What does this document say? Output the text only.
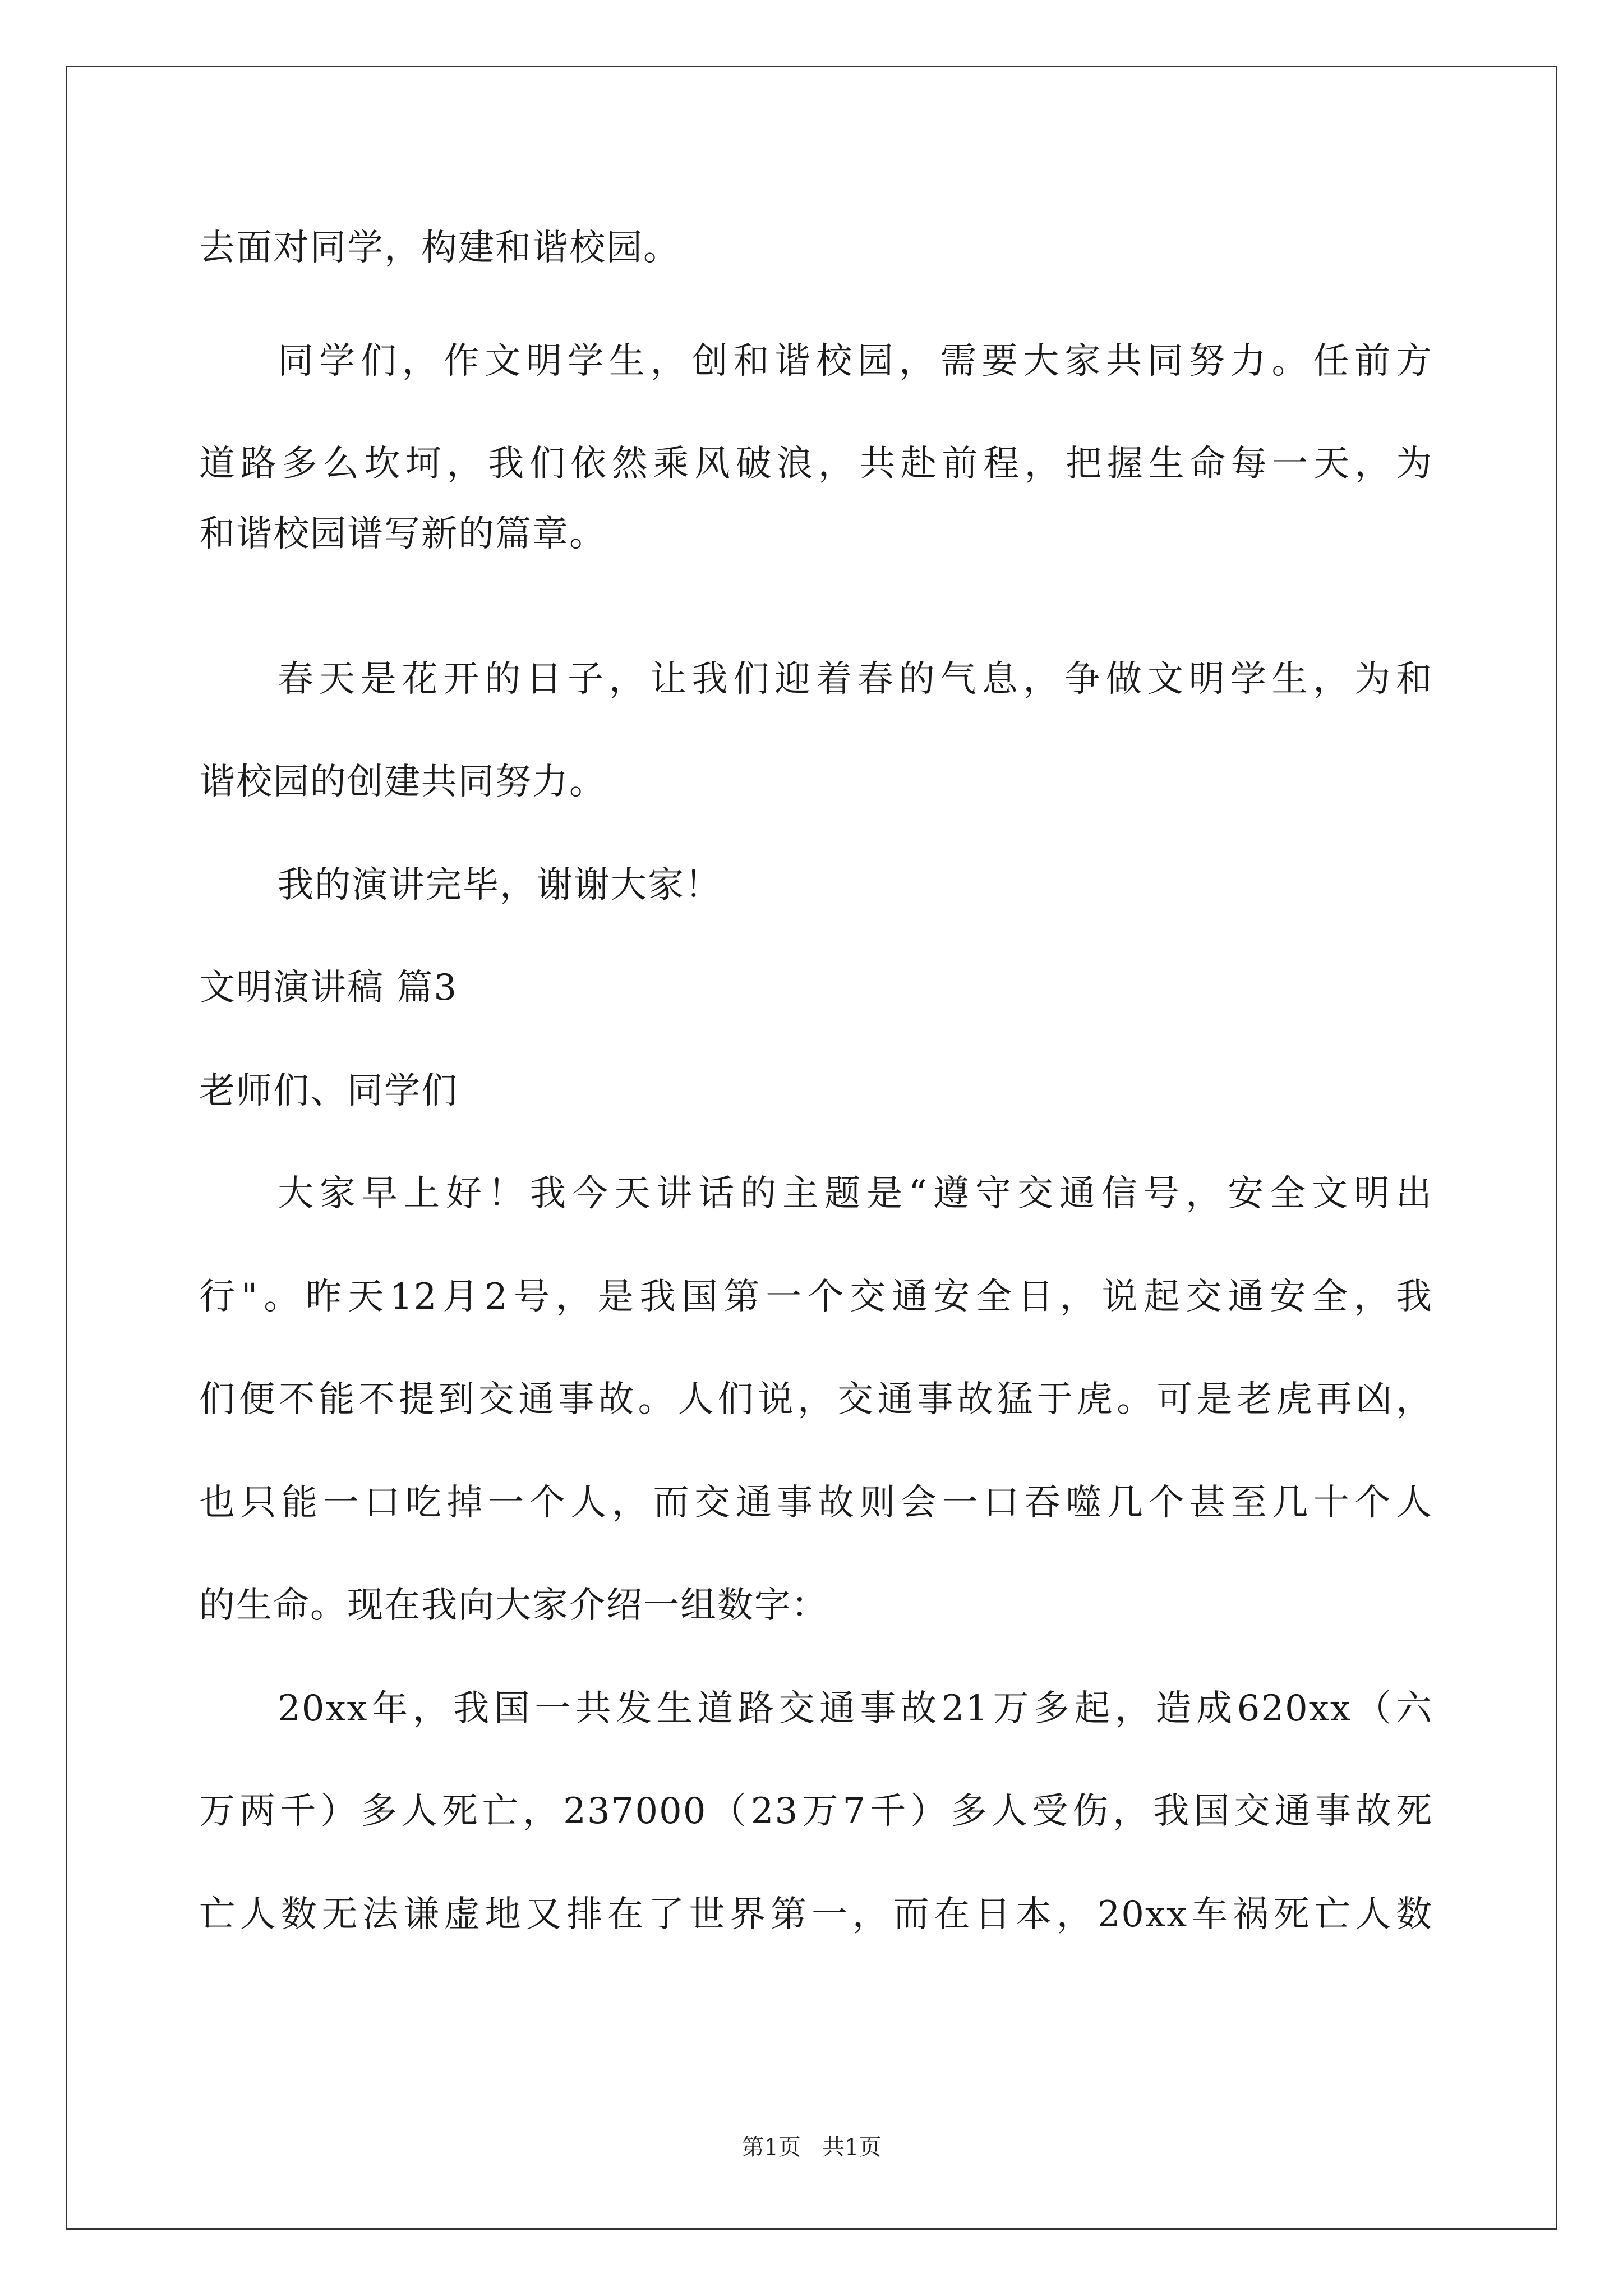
去面对同学，构建和谐校园。
同学们，作文明学生，创和谐校园，需要大家共同努力。任前方
道路多么坎坷，我们依然乘风破浪，共赴前程，把握生命每一天，为
和谐校园谱写新的篇章。
春天是花开的日子，让我们迎着春的气息，争做文明学生，为和
谐校园的创建共同努力。
我的演讲完毕，谢谢大家！
文明演讲稿 篇3
老师们、同学们
大家早上好！我今天讲话的主题是“遵守交通信号，安全文明出
行"。昨天12月2号，是我国第一个交通安全日，说起交通安全，我
们便不能不提到交通事故。人们说，交通事故猛于虎。可是老虎再凶，
也只能一口吃掉一个人，而交通事故则会一口吞噬几个甚至几十个人
的生命。现在我向大家介绍一组数字：
20xx年，我国一共发生道路交通事故21万多起，造成620xx（六
万两千）多人死亡，237000（23万7千）多人受伤，我国交通事故死
亡人数无法谦虚地又排在了世界第一，而在日本，20xx车祸死亡人数
第1页   共1页
